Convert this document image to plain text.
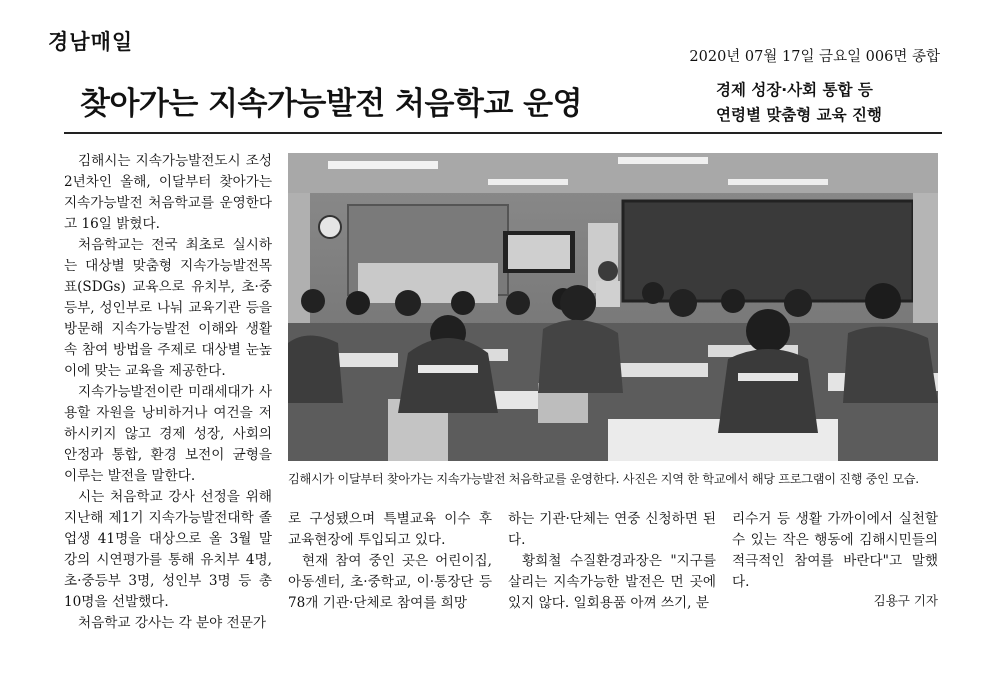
경남매일
2020년 07월 17일 금요일 006면 종합
찾아가는 지속가능발전 처음학교 운영	경제 성장·사회 통합 등
연령별 맞춤형 교육 진행

김해시는 지속가능발전도시 조성 2년차인 올해, 이달부터 찾아가는 지속가능발전 처음학교를 운영한다고 16일 밝혔다.

처음학교는 전국 최초로 실시하는 대상별 맞춤형 지속가능발전목표(SDGs) 교육으로 유치부, 초·중등부, 성인부로 나눠 교육기관 등을 방문해 지속가능발전 이해와 생활 속 참여 방법을 주제로 대상별 눈높이에 맞는 교육을 제공한다.

지속가능발전이란 미래세대가 사용할 자원을 낭비하거나 여건을 저하시키지 않고 경제 성장, 사회의 안정과 통합, 환경 보전이 균형을 이루는 발전을 말한다.

시는 처음학교 강사 선정을 위해 지난해 제1기 지속가능발전대학 졸업생 41명을 대상으로 올 3월 말 강의 시연평가를 통해 유치부 4명, 초·중등부 3명, 성인부 3명 등 총 10명을 선발했다.

처음학교 강사는 각 분야 전문가

김해시가 이달부터 찾아가는 지속가능발전 처음학교를 운영한다. 사진은 지역 한 학교에서 해당 프로그램이 진행 중인 모습.

로 구성됐으며 특별교육 이수 후 교육현장에 투입되고 있다.

현재 참여 중인 곳은 어린이집, 아동센터, 초·중학교, 이·통장단 등 78개 기관·단체로 참여를 희망

하는 기관·단체는 연중 신청하면 된다.

황희철 수질환경과장은 "지구를 살리는 지속가능한 발전은 먼 곳에 있지 않다. 일회용품 아껴 쓰기, 분

리수거 등 생활 가까이에서 실천할 수 있는 작은 행동에 김해시민들의 적극적인 참여를 바란다"고 말했다.

김용구 기자
